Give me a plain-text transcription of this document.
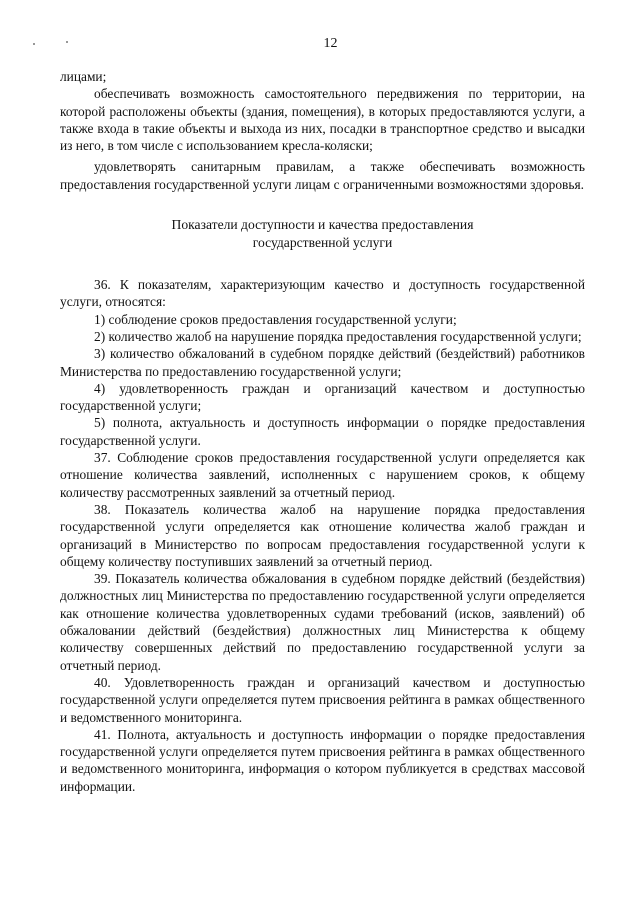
12

лицами;

обеспечивать возможность самостоятельного передвижения по территории, на которой расположены объекты (здания, помещения), в которых предоставляются услуги, а также входа в такие объекты и выхода из них, посадки в транспортное средство и высадки из него, в том числе с использованием кресла-коляски;

удовлетворять санитарным правилам, а также обеспечивать возможность предоставления государственной услуги лицам с ограниченными возможностями здоровья.

Показатели доступности и качества предоставления
государственной услуги

36. К показателям, характеризующим качество и доступность государственной услуги, относятся:

1) соблюдение сроков предоставления государственной услуги;

2) количество жалоб на нарушение порядка предоставления государственной услуги;

3) количество обжалований в судебном порядке действий (бездействий) работников Министерства по предоставлению государственной услуги;

4) удовлетворенность граждан и организаций качеством и доступностью государственной услуги;

5) полнота, актуальность и доступность информации о порядке предоставления государственной услуги.

37. Соблюдение сроков предоставления государственной услуги определяется как отношение количества заявлений, исполненных с нарушением сроков, к общему количеству рассмотренных заявлений за отчетный период.

38. Показатель количества жалоб на нарушение порядка предоставления государственной услуги определяется как отношение количества жалоб граждан и организаций в Министерство по вопросам предоставления государственной услуги к общему количеству поступивших заявлений за отчетный период.

39. Показатель количества обжалования в судебном порядке действий (бездействия) должностных лиц Министерства по предоставлению государственной услуги определяется как отношение количества удовлетворенных судами требований (исков, заявлений) об обжаловании действий (бездействия) должностных лиц Министерства к общему количеству совершенных действий по предоставлению государственной услуги за отчетный период.

40. Удовлетворенность граждан и организаций качеством и доступностью государственной услуги определяется путем присвоения рейтинга в рамках общественного и ведомственного мониторинга.

41. Полнота, актуальность и доступность информации о порядке предоставления государственной услуги определяется путем присвоения рейтинга в рамках общественного и ведомственного мониторинга, информация о котором публикуется в средствах массовой информации.
